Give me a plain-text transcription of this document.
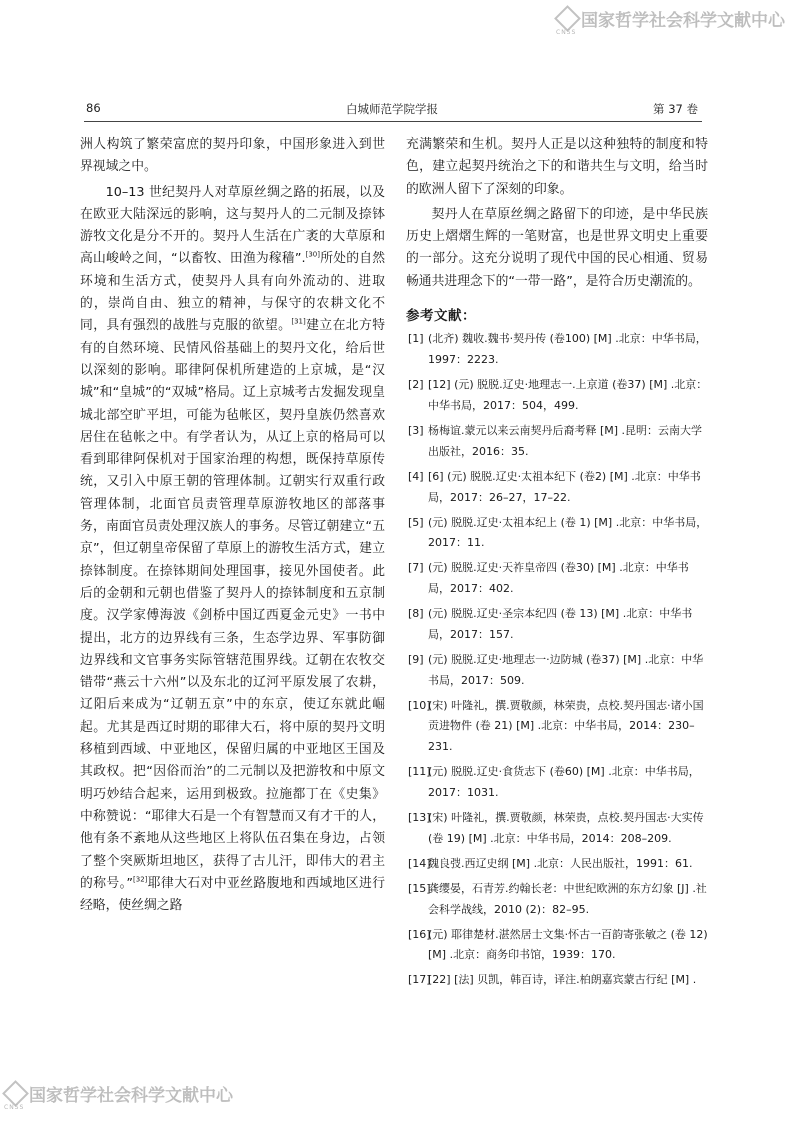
CNSS
国家哲学社会科学文献中心
CNSS
国家哲学社会科学文献中心
86	白城师范学院学报	第 37 卷

洲人构筑了繁荣富庶的契丹印象，中国形象进入到世界视域之中。

10–13 世纪契丹人对草原丝绸之路的拓展，以及在欧亚大陆深远的影响，这与契丹人的二元制及捺钵游牧文化是分不开的。契丹人生活在广袤的大草原和高山峻岭之间，“以畜牧、田渔为稼穑”.[30]所处的自然环境和生活方式，使契丹人具有向外流动的、进取的，崇尚自由、独立的精神，与保守的农耕文化不同，具有强烈的战胜与克服的欲望。[31]建立在北方特有的自然环境、民情风俗基础上的契丹文化，给后世以深刻的影响。耶律阿保机所建造的上京城，是“汉城”和“皇城”的“双城”格局。辽上京城考古发掘发现皇城北部空旷平坦，可能为毡帐区，契丹皇族仍然喜欢居住在毡帐之中。有学者认为，从辽上京的格局可以看到耶律阿保机对于国家治理的构想，既保持草原传统，又引入中原王朝的管理体制。辽朝实行双重行政管理体制，北面官员责管理草原游牧地区的部落事务，南面官员责处理汉族人的事务。尽管辽朝建立“五京”，但辽朝皇帝保留了草原上的游牧生活方式，建立捺钵制度。在捺钵期间处理国事，接见外国使者。此后的金朝和元朝也借鉴了契丹人的捺钵制度和五京制度。汉学家傅海波《剑桥中国辽西夏金元史》一书中提出，北方的边界线有三条，生态学边界、军事防御边界线和文官事务实际管辖范围界线。辽朝在农牧交错带“燕云十六州”以及东北的辽河平原发展了农耕，辽阳后来成为“辽朝五京”中的东京，使辽东就此崛起。尤其是西辽时期的耶律大石，将中原的契丹文明移植到西域、中亚地区，保留归属的中亚地区王国及其政权。把“因俗而治”的二元制以及把游牧和中原文明巧妙结合起来，运用到极致。拉施都丁在《史集》中称赞说：“耶律大石是一个有智慧而又有才干的人，他有条不紊地从这些地区上将队伍召集在身边，占领了整个突厥斯坦地区，获得了古儿汗，即伟大的君主的称号。”[32]耶律大石对中亚丝路腹地和西域地区进行经略，使丝绸之路

充满繁荣和生机。契丹人正是以这种独特的制度和特色，建立起契丹统治之下的和谐共生与文明，给当时的欧洲人留下了深刻的印象。

契丹人在草原丝绸之路留下的印迹，是中华民族历史上熠熠生辉的一笔财富，也是世界文明史上重要的一部分。这充分说明了现代中国的民心相通、贸易畅通共进理念下的“一带一路”，是符合历史潮流的。

参考文献：
[1] (北齐) 魏收.魏书·契丹传 (卷100) [M] .北京：中华书局，1997：2223.
[2] [12] (元) 脱脱.辽史·地理志一.上京道 (卷37) [M] .北京：中华书局，2017：504，499.
[3] 杨梅谊.蒙元以来云南契丹后裔考释 [M] .昆明：云南大学出版社，2016：35.
[4] [6] (元) 脱脱.辽史·太祖本纪下 (卷2) [M] .北京：中华书局，2017：26–27，17–22.
[5] (元) 脱脱.辽史·太祖本纪上 (卷 1) [M] .北京：中华书局，2017：11.
[7] (元) 脱脱.辽史·天祚皇帝四 (卷30) [M] .北京：中华书局，2017：402.
[8] (元) 脱脱.辽史·圣宗本纪四 (卷 13) [M] .北京：中华书局，2017：157.
[9] (元) 脱脱.辽史·地理志一·边防城 (卷37) [M] .北京：中华书局，2017：509.
[10]
(宋) 叶隆礼，撰.贾敬颜，林荣贵，点校.契丹国志·诸小国贡进物件 (卷 21) [M] .北京：中华书局，2014：230–231.
[11]
(元) 脱脱.辽史·食货志下 (卷60) [M] .北京：中华书局，2017：1031.
[13]
(宋) 叶隆礼，撰.贾敬颜，林荣贵，点校.契丹国志·大实传 (卷 19) [M] .北京：中华书局，2014：208–209.
[14]
魏良弢.西辽史纲 [M] .北京：人民出版社，1991：61.
[15]
龚缨晏，石青芳.约翰长老：中世纪欧洲的东方幻象 [J] .社会科学战线，2010 (2)：82–95.
[16]
(元) 耶律楚材.湛然居士文集·怀古一百韵寄张敏之 (卷 12) [M] .北京：商务印书馆，1939：170.
[17]
[22] [法] 贝凯，韩百诗，译注.柏朗嘉宾蒙古行纪 [M] .
